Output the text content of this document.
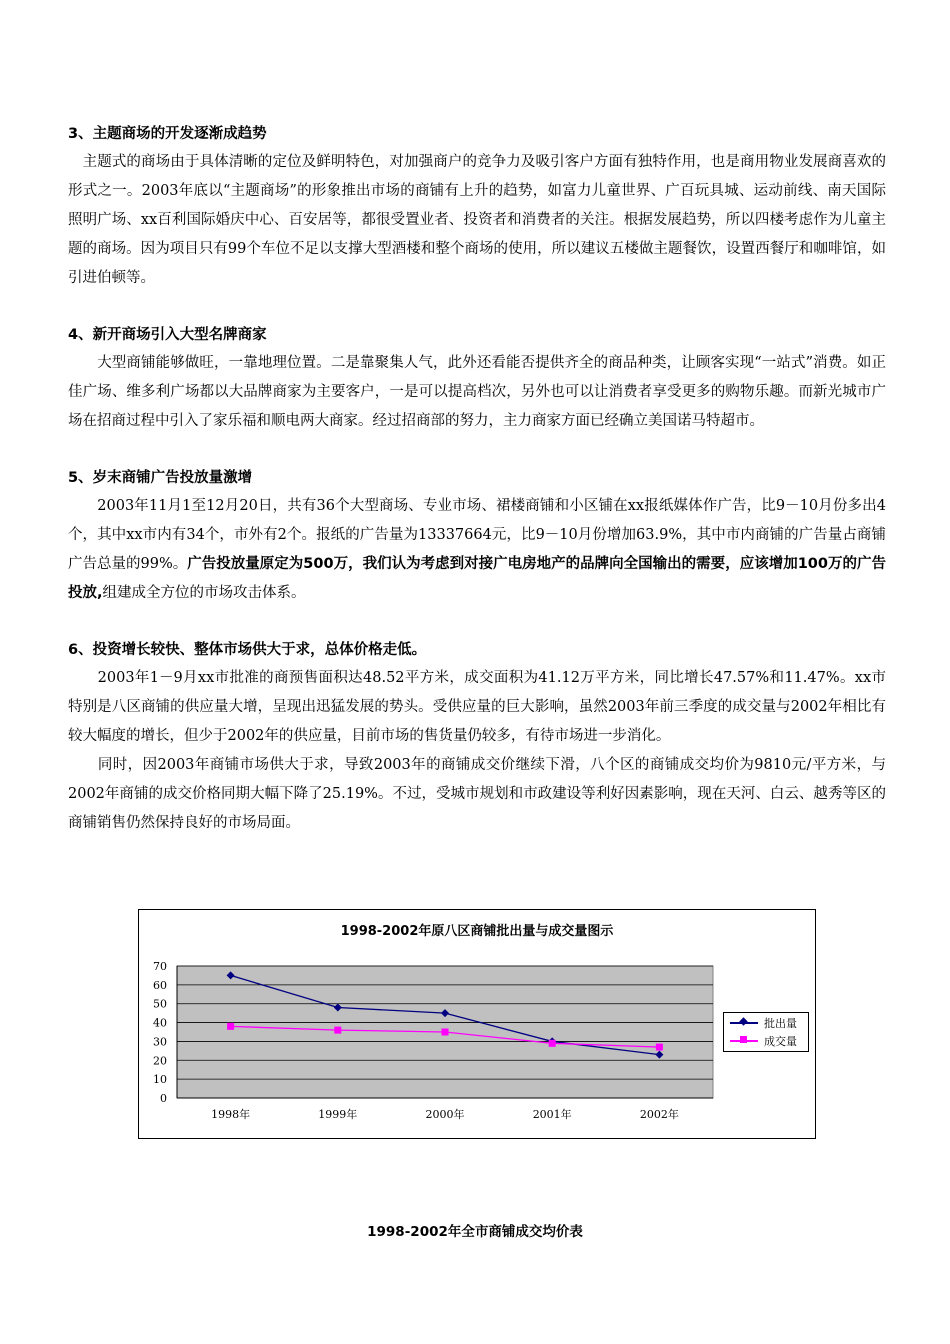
3、主题商场的开发逐渐成趋势

　主题式的商场由于具体清晰的定位及鲜明特色，对加强商户的竞争力及吸引客户方面有独特作用，也是商用物业发展商喜欢的形式之一。2003年底以“主题商场”的形象推出市场的商铺有上升的趋势，如富力儿童世界、广百玩具城、运动前线、南天国际照明广场、xx百利国际婚庆中心、百安居等，都很受置业者、投资者和消费者的关注。根据发展趋势，所以四楼考虑作为儿童主题的商场。因为项目只有99个车位不足以支撑大型酒楼和整个商场的使用，所以建议五楼做主题餐饮，设置西餐厅和咖啡馆，如引进伯顿等。

4、新开商场引入大型名牌商家

　　大型商铺能够做旺，一靠地理位置。二是靠聚集人气，此外还看能否提供齐全的商品种类，让顾客实现“一站式”消费。如正佳广场、维多利广场都以大品牌商家为主要客户，一是可以提高档次，另外也可以让消费者享受更多的购物乐趣。而新光城市广场在招商过程中引入了家乐福和顺电两大商家。经过招商部的努力，主力商家方面已经确立美国诺马特超市。

5、岁末商铺广告投放量激增

　　2003年11月1至12月20日，共有36个大型商场、专业市场、裙楼商铺和小区铺在xx报纸媒体作广告，比9－10月份多出4个，其中xx市内有34个，市外有2个。报纸的广告量为13337664元，比9－10月份增加63.9%，其中市内商铺的广告量占商铺广告总量的99%。广告投放量原定为500万，我们认为考虑到对接广电房地产的品牌向全国输出的需要，应该增加100万的广告投放,组建成全方位的市场攻击体系。

6、投资增长较快、整体市场供大于求，总体价格走低。

　　2003年1－9月xx市批准的商预售面积达48.52平方米，成交面积为41.12万平方米，同比增长47.57%和11.47%。xx市特别是八区商铺的供应量大增，呈现出迅猛发展的势头。受供应量的巨大影响，虽然2003年前三季度的成交量与2002年相比有较大幅度的增长，但少于2002年的供应量，目前市场的售货量仍较多，有待市场进一步消化。

　　同时，因2003年商铺市场供大于求，导致2003年的商铺成交价继续下滑，八个区的商铺成交均价为9810元/平方米，与2002年商铺的成交价格同期大幅下降了25.19%。不过，受城市规划和市政建设等利好因素影响，现在天河、白云、越秀等区的商铺销售仍然保持良好的市场局面。

1998-2002年原八区商铺批出量与成交量图示
0
10
20
30
40
50
60
70
1998年	1999年	2000年	2001年	2002年
批出量
成交量
1998-2002年全市商铺成交均价表
